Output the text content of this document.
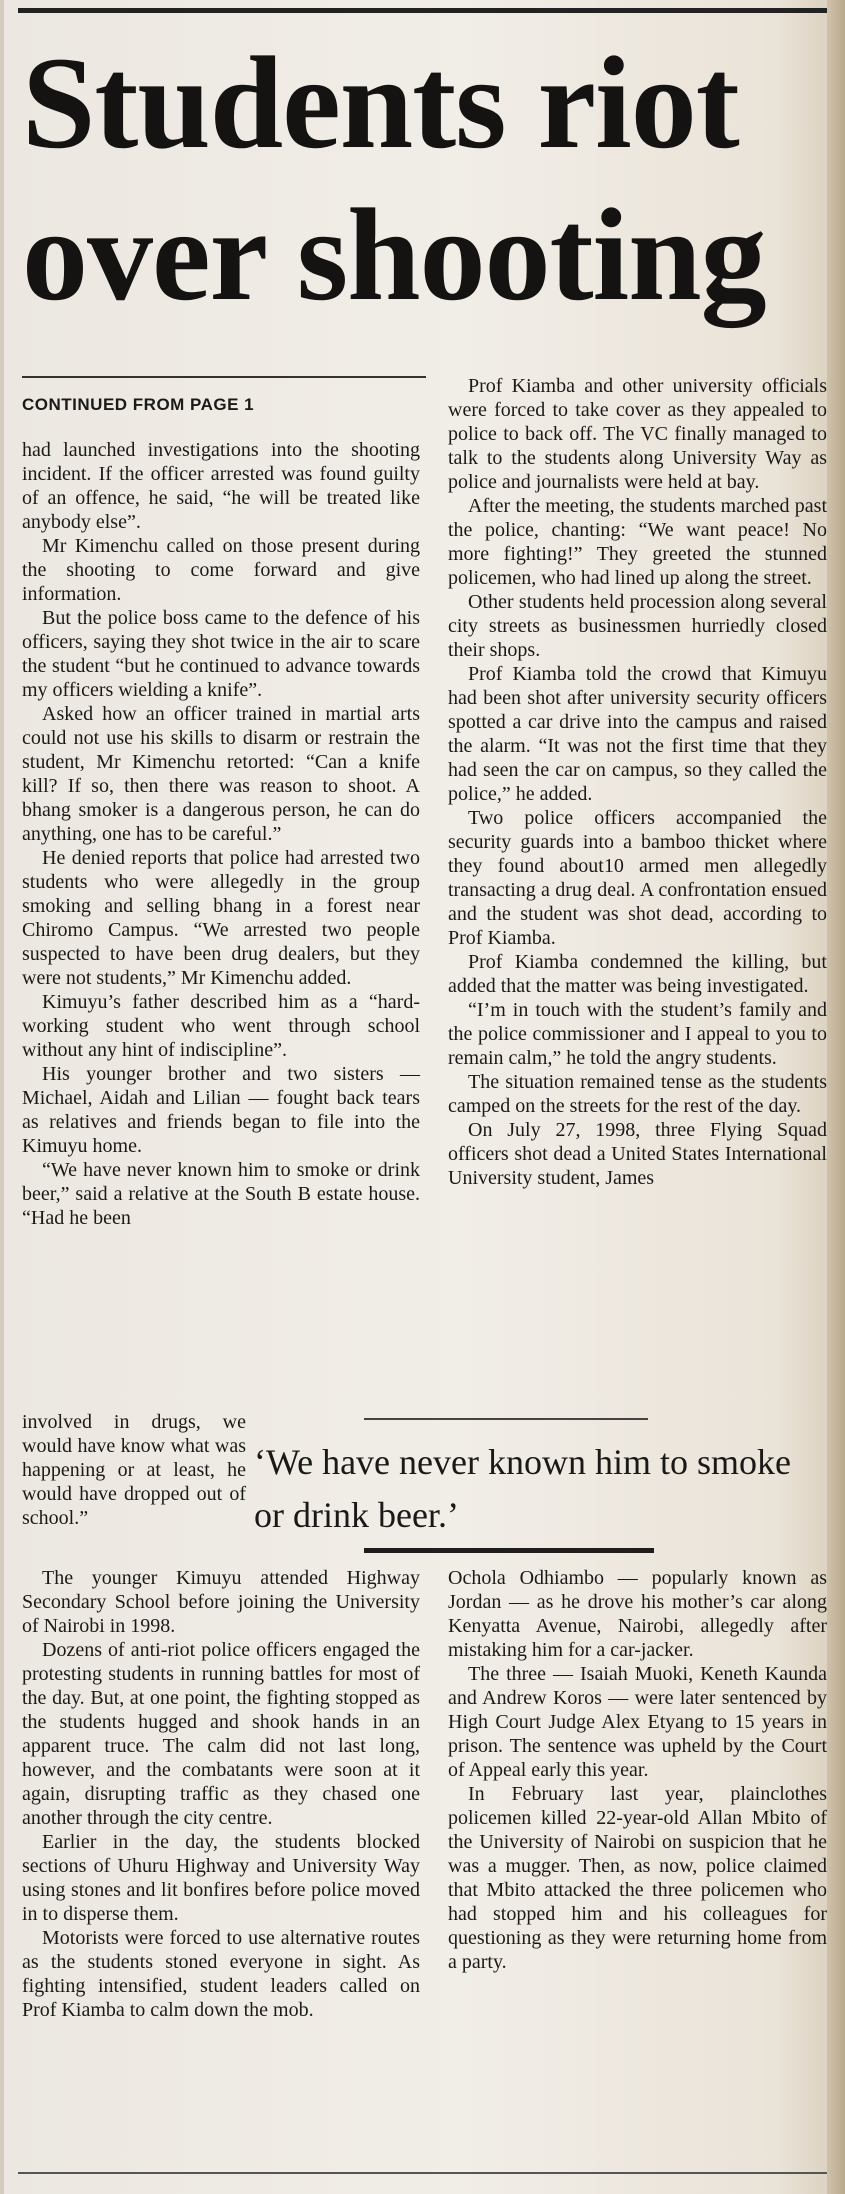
Students riot
over shooting
CONTINUED FROM PAGE 1

had launched investigations into the shooting incident. If the officer arrested was found guilty of an offence, he said, “he will be treated like anybody else”.

Mr Kimenchu called on those present during the shooting to come forward and give information.

But the police boss came to the defence of his officers, saying they shot twice in the air to scare the student “but he continued to advance towards my officers wielding a knife”.

Asked how an officer trained in martial arts could not use his skills to disarm or restrain the student, Mr Kimenchu retorted: “Can a knife kill? If so, then there was reason to shoot. A bhang smoker is a dangerous person, he can do anything, one has to be careful.”

He denied reports that police had arrested two students who were allegedly in the group smoking and selling bhang in a forest near Chiromo Campus. “We arrested two people suspected to have been drug dealers, but they were not students,” Mr Kimenchu added.

Kimuyu’s father described him as a “hard-working student who went through school without any hint of indiscipline”.

His younger brother and two sisters — Michael, Aidah and Lilian — fought back tears as relatives and friends began to file into the Kimuyu home.

“We have never known him to smoke or drink beer,” said a relative at the South B estate house. “Had he been

involved in drugs, we would have know what was happening or at least, he would have dropped out of school.”

Prof Kiamba and other university officials were forced to take cover as they appealed to police to back off. The VC finally managed to talk to the students along University Way as police and journalists were held at bay.

After the meeting, the students marched past the police, chanting: “We want peace! No more fighting!” They greeted the stunned policemen, who had lined up along the street.

Other students held procession along several city streets as businessmen hurriedly closed their shops.

Prof Kiamba told the crowd that Kimuyu had been shot after university security officers spotted a car drive into the campus and raised the alarm. “It was not the first time that they had seen the car on campus, so they called the police,” he added.

Two police officers accompanied the security guards into a bamboo thicket where they found about10 armed men allegedly transacting a drug deal. A confrontation ensued and the student was shot dead, according to Prof Kiamba.

Prof Kiamba condemned the killing, but added that the matter was being investigated.

“I’m in touch with the student’s family and the police commissioner and I appeal to you to remain calm,” he told the angry students.

The situation remained tense as the students camped on the streets for the rest of the day.

On July 27, 1998, three Flying Squad officers shot dead a United States International University student, James

‘We have never known him to smoke or drink beer.’

The younger Kimuyu attended Highway Secondary School before joining the University of Nairobi in 1998.

Dozens of anti-riot police officers engaged the protesting students in running battles for most of the day. But, at one point, the fighting stopped as the students hugged and shook hands in an apparent truce. The calm did not last long, however, and the combatants were soon at it again, disrupting traffic as they chased one another through the city centre.

Earlier in the day, the students blocked sections of Uhuru Highway and University Way using stones and lit bonfires before police moved in to disperse them.

Motorists were forced to use alternative routes as the students stoned everyone in sight. As fighting intensified, student leaders called on Prof Kiamba to calm down the mob.

Ochola Odhiambo — popularly known as Jordan — as he drove his mother’s car along Kenyatta Avenue, Nairobi, allegedly after mistaking him for a car-jacker.

The three — Isaiah Muoki, Keneth Kaunda and Andrew Koros — were later sentenced by High Court Judge Alex Etyang to 15 years in prison. The sentence was upheld by the Court of Appeal early this year.

In February last year, plainclothes policemen killed 22-year-old Allan Mbito of the University of Nairobi on suspicion that he was a mugger. Then, as now, police claimed that Mbito attacked the three policemen who had stopped him and his colleagues for questioning as they were returning home from a party.
